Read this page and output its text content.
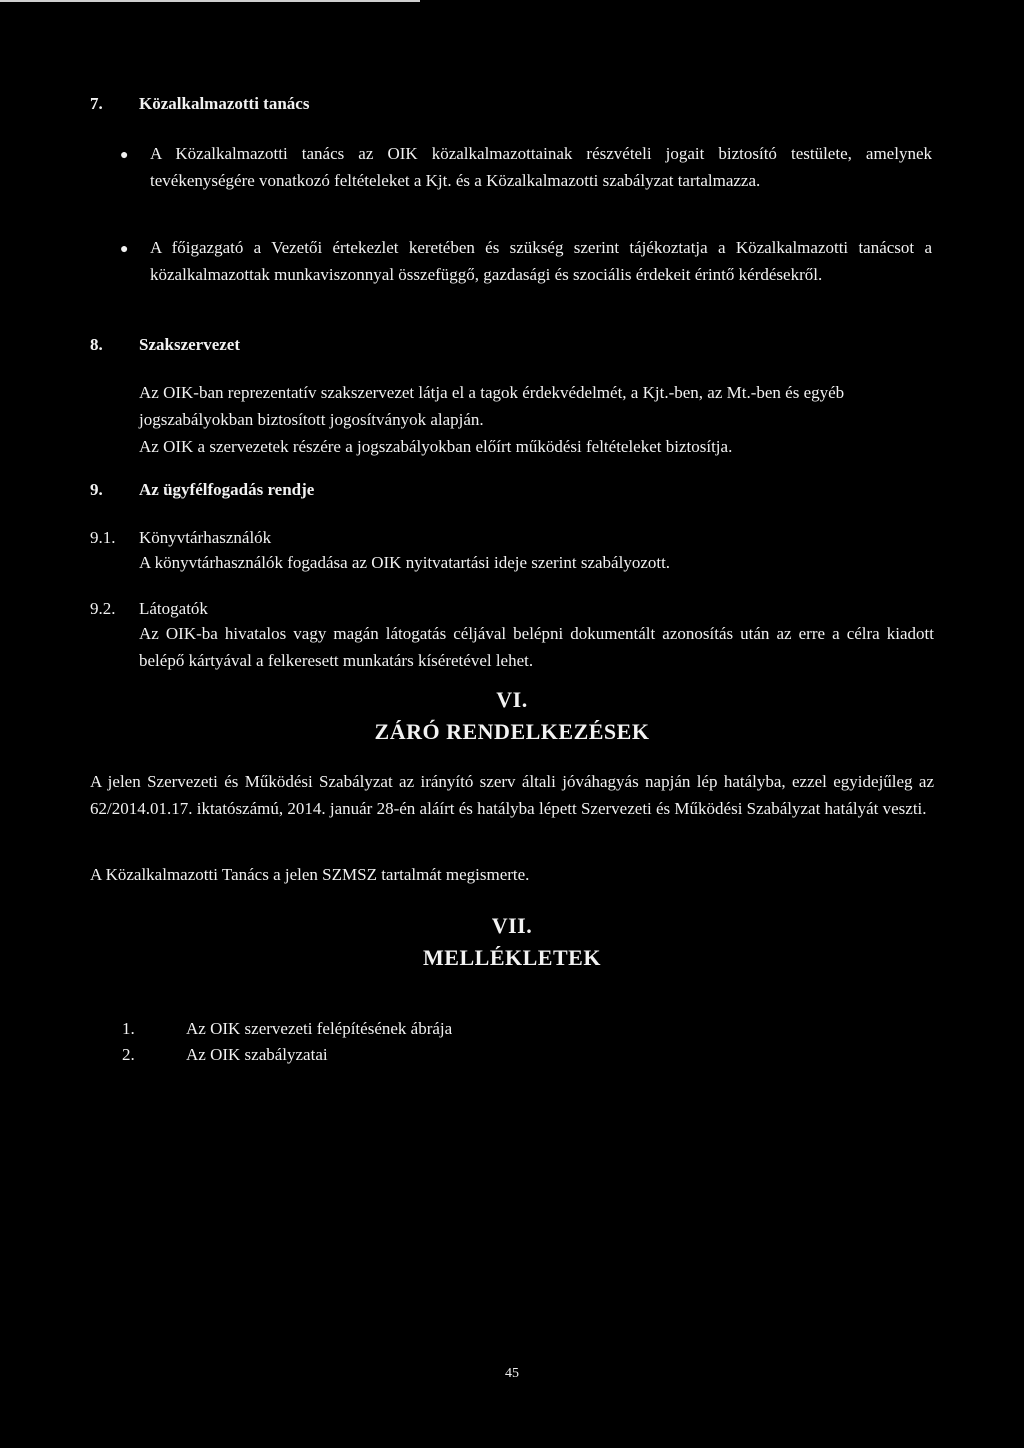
7. Közalkalmazotti tanács
● A Közalkalmazotti tanács az OIK közalkalmazottainak részvételi jogait biztosító testülete, amelynek tevékenységére vonatkozó feltételeket a Kjt. és a Közalkalmazotti szabályzat tartalmazza.
● A főigazgató a Vezetői értekezlet keretében és szükség szerint tájékoztatja a Közalkalmazotti tanácsot a közalkalmazottak munkaviszonnyal összefüggő, gazdasági és szociális érdekeit érintő kérdésekről.
8. Szakszervezet
Az OIK-ban reprezentatív szakszervezet látja el a tagok érdekvédelmét, a Kjt.-ben, az Mt.-ben és egyéb jogszabályokban biztosított jogosítványok alapján.
Az OIK a szervezetek részére a jogszabályokban előírt működési feltételeket biztosítja.
9. Az ügyfélfogadás rendje
9.1. Könyvtárhasználók
A könyvtárhasználók fogadása az OIK nyitvatartási ideje szerint szabályozott.
9.2. Látogatók
Az OIK-ba hivatalos vagy magán látogatás céljával belépni dokumentált azonosítás után az erre a célra kiadott belépő kártyával a felkeresett munkatárs kíséretével lehet.
VI.
ZÁRÓ RENDELKEZÉSEK
A jelen Szervezeti és Működési Szabályzat az irányító szerv általi jóváhagyás napján lép hatályba, ezzel egyidejűleg az 62/2014.01.17. iktatószámú, 2014. január 28-én aláírt és hatályba lépett Szervezeti és Működési Szabályzat hatályát veszti.
A Közalkalmazotti Tanács a jelen SZMSZ tartalmát megismerte.
VII.
MELLÉKLETEK
1.	Az OIK szervezeti felépítésének ábrája
2.	Az OIK szabályzatai
45
